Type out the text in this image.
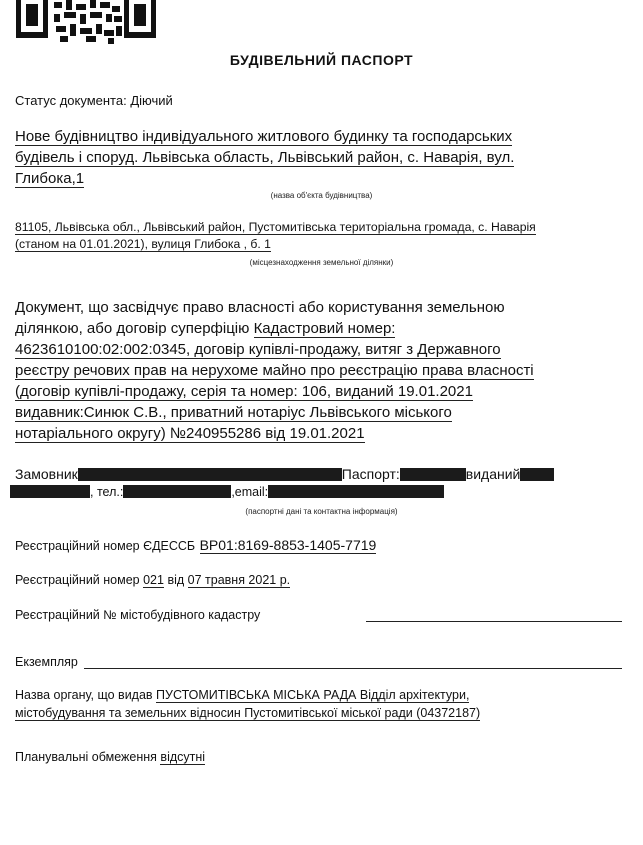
БУДІВЕЛЬНИЙ ПАСПОРТ
Статус документа: Діючий
Нове будівництво індивідуального житлового будинку та господарських
будівель і споруд. Львівська область, Львівський район, с. Наварія, вул.
Глибока,1
(назва об'єкта будівництва)
81105, Львівська обл., Львівський район, Пустомитівська територіальна громада, с. Наварія
(станом на 01.01.2021), вулиця Глибока , б. 1
(місцезнаходження земельної ділянки)
Документ, що засвідчує право власності або користування земельною
ділянкою, або договір суперфіцію Кадастровий номер:
4623610100:02:002:0345, договір купівлі-продажу, витяг з Державного
реєстру речових прав на нерухоме майно про реєстрацію права власності
(договір купівлі-продажу, серія та номер: 106, виданий 19.01.2021
видавник:Синюк С.В., приватний нотаріус Львівського міського
нотаріального округу) №240955286 від 19.01.2021
Замовник	Паспорт:	виданий
, тел.:	,email:
(паспортні дані та контактна інформація)
Реєстраційний номер ЄДЕССБ ВР01:8169-8853-1405-7719
Реєстраційний номер 021 від 07 травня 2021 р.
Реєстраційний № містобудівного кадастру
Екземпляр
Назва органу, що видав ПУСТОМИТІВСЬКА МІСЬКА РАДА Відділ архітектури,
містобудування та земельних відносин Пустомитівської міської ради (04372187)
Планувальні обмеження відсутні
